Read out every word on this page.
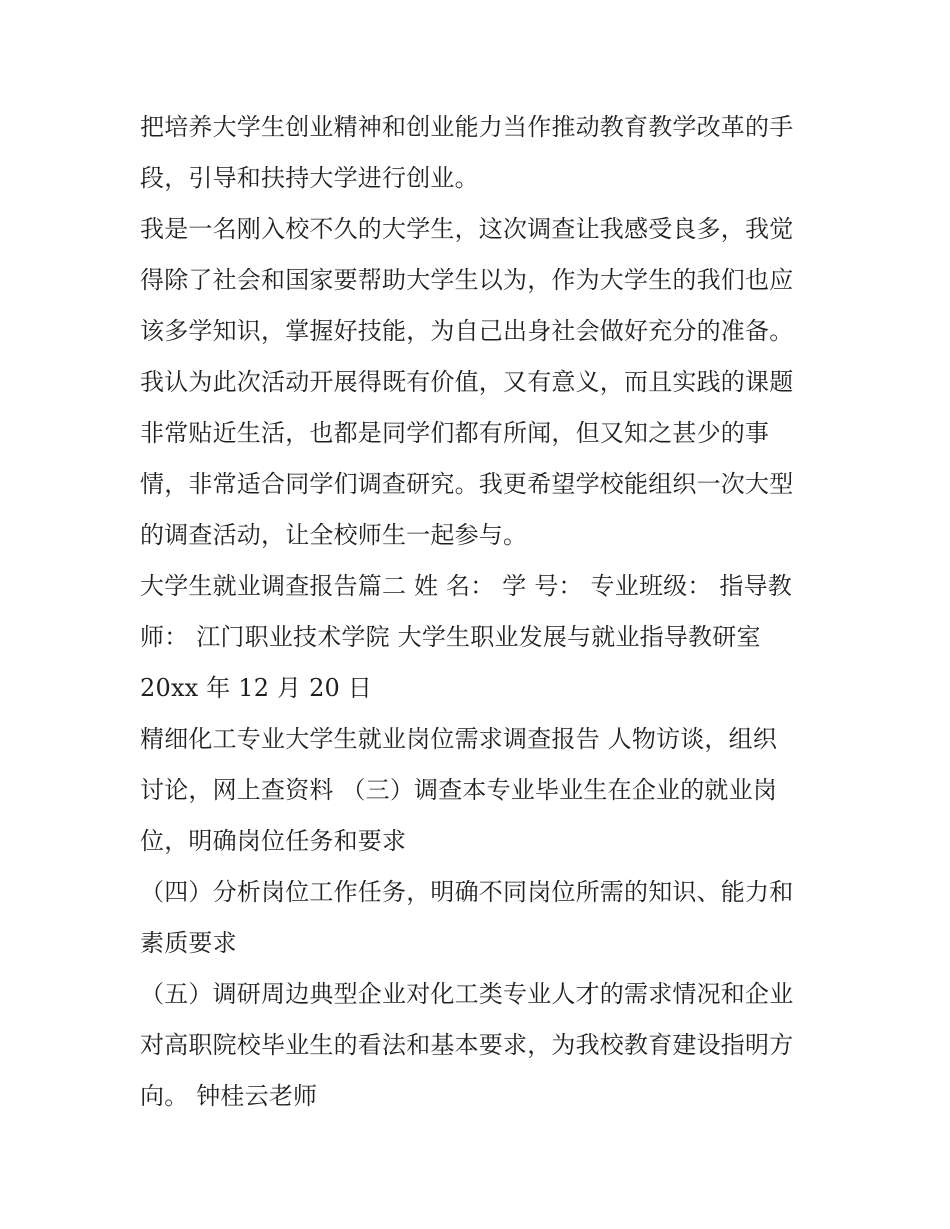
把培养大学生创业精神和创业能力当作推动教育教学改革的手
段，引导和扶持大学进行创业。
我是一名刚入校不久的大学生，这次调查让我感受良多，我觉
得除了社会和国家要帮助大学生以为，作为大学生的我们也应
该多学知识，掌握好技能，为自己出身社会做好充分的准备。
我认为此次活动开展得既有价值，又有意义，而且实践的课题
非常贴近生活，也都是同学们都有所闻，但又知之甚少的事
情，非常适合同学们调查研究。我更希望学校能组织一次大型
的调查活动，让全校师生一起参与。
大学生就业调查报告篇二 姓 名： 学 号： 专业班级： 指导教
师： 江门职业技术学院 大学生职业发展与就业指导教研室
20xx 年 12 月 20 日
精细化工专业大学生就业岗位需求调查报告 人物访谈，组织
讨论，网上查资料 （三）调查本专业毕业生在企业的就业岗
位，明确岗位任务和要求
（四）分析岗位工作任务，明确不同岗位所需的知识、能力和
素质要求
（五）调研周边典型企业对化工类专业人才的需求情况和企业
对高职院校毕业生的看法和基本要求，为我校教育建设指明方
向。 钟桂云老师
